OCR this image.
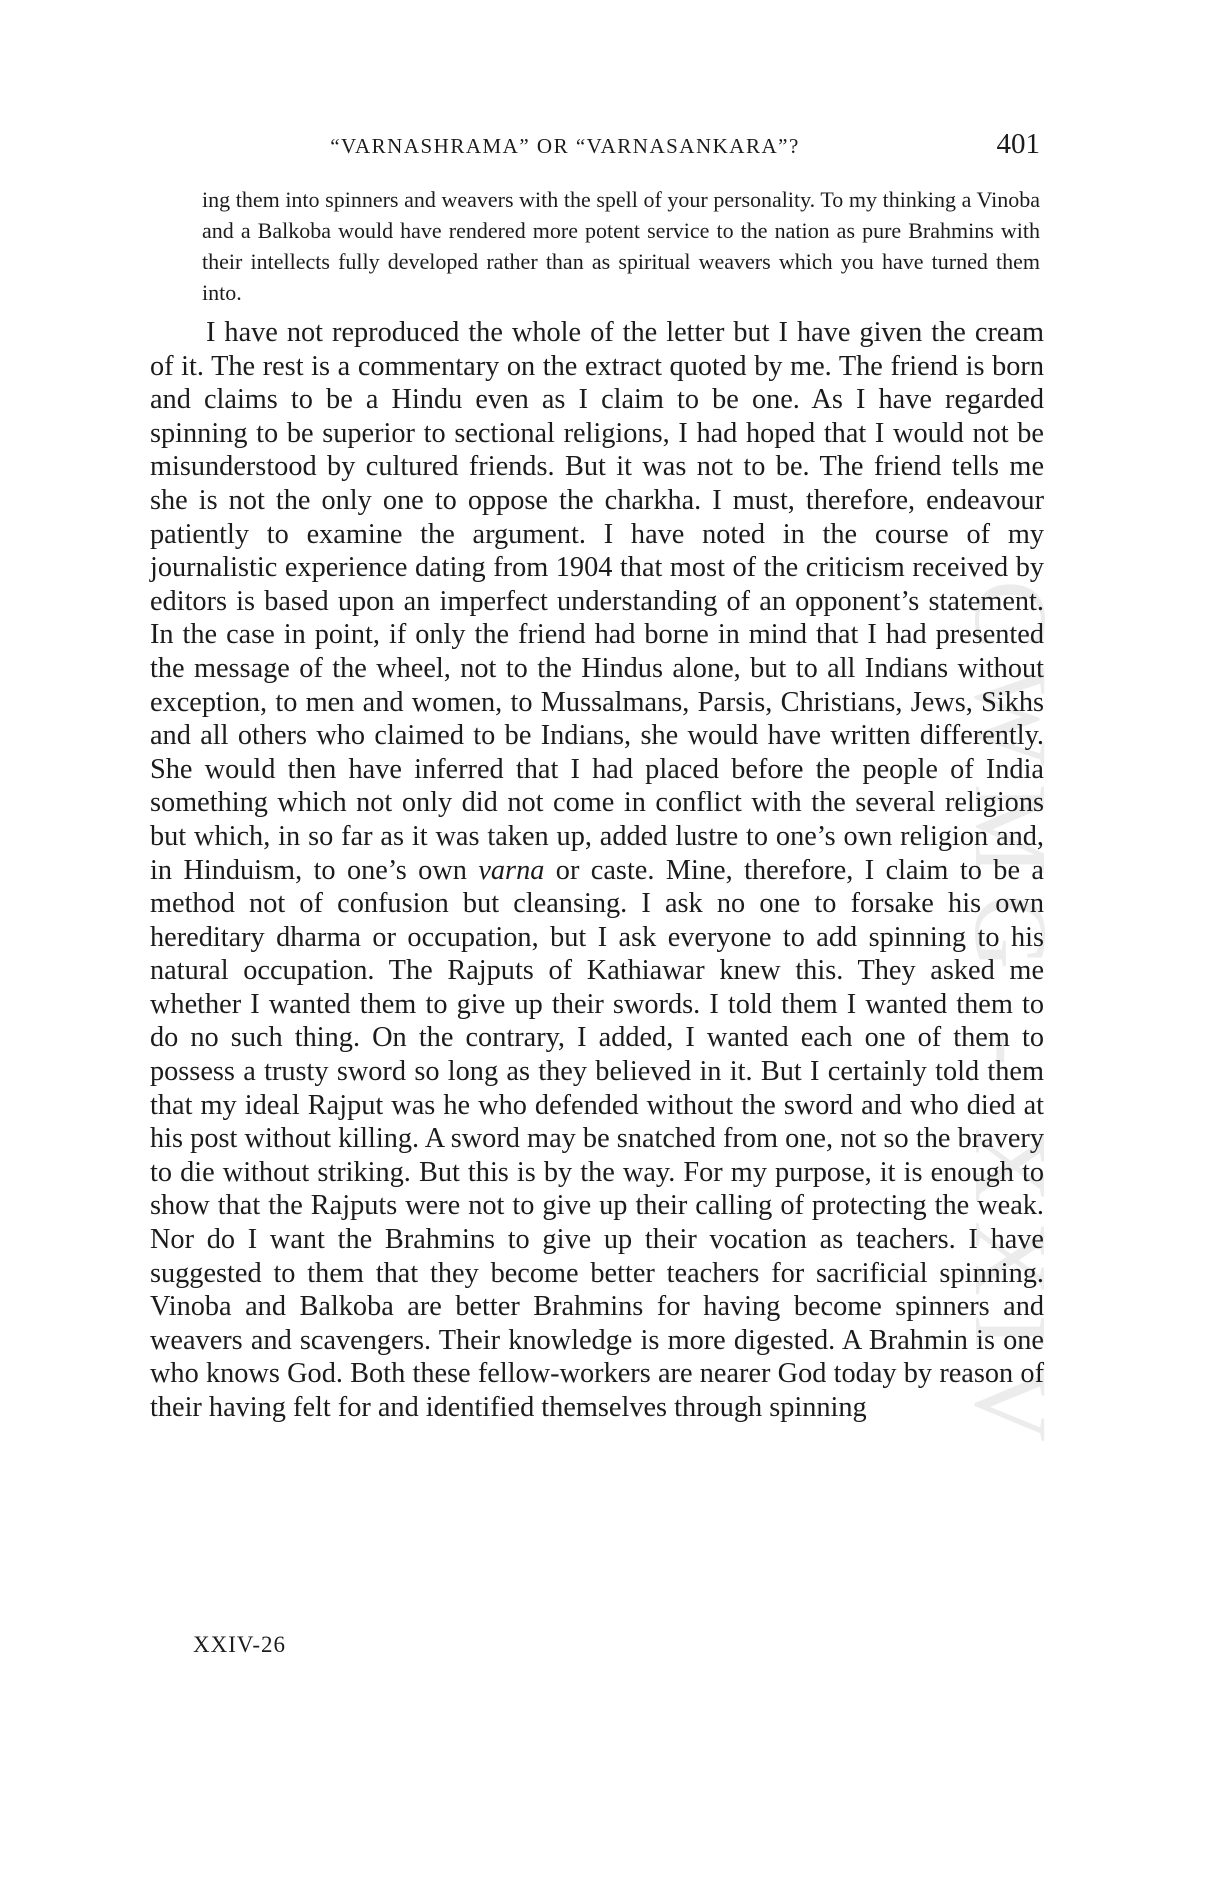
CWMG - XXIV
“VARNASHRAMA” OR “VARNASANKARA”?	401

ing them into spinners and weavers with the spell of your personality. To my thinking a Vinoba and a Balkoba would have rendered more potent service to the nation as pure Brahmins with their intellects fully developed rather than as spiritual weavers which you have turned them into.

I have not reproduced the whole of the letter but I have given the cream of it. The rest is a commentary on the extract quoted by me. The friend is born and claims to be a Hindu even as I claim to be one. As I have regarded spinning to be superior to sectional religions, I had hoped that I would not be misunderstood by cultured friends. But it was not to be. The friend tells me she is not the only one to oppose the charkha. I must, therefore, endeavour patiently to examine the argument. I have noted in the course of my journalistic experience dating from 1904 that most of the criticism received by editors is based upon an imperfect understanding of an opponent’s statement. In the case in point, if only the friend had borne in mind that I had presented the message of the wheel, not to the Hindus alone, but to all Indians without exception, to men and women, to Mussalmans, Parsis, Christians, Jews, Sikhs and all others who claimed to be Indians, she would have written differently. She would then have inferred that I had placed before the people of India something which not only did not come in conflict with the several religions but which, in so far as it was taken up, added lustre to one’s own religion and, in Hinduism, to one’s own varna or caste. Mine, therefore, I claim to be a method not of confusion but cleansing. I ask no one to forsake his own hereditary dharma or occupation, but I ask everyone to add spinning to his natural occupation. The Rajputs of Kathiawar knew this. They asked me whether I wanted them to give up their swords. I told them I wanted them to do no such thing. On the contrary, I added, I wanted each one of them to possess a trusty sword so long as they believed in it. But I certainly told them that my ideal Rajput was he who defended without the sword and who died at his post without killing. A sword may be snatched from one, not so the bravery to die without striking. But this is by the way. For my purpose, it is enough to show that the Rajputs were not to give up their calling of protecting the weak. Nor do I want the Brahmins to give up their vocation as teachers. I have suggested to them that they become better teachers for sacrificial spinning. Vinoba and Balkoba are better Brahmins for having become spinners and weavers and scavengers. Their knowledge is more digested. A Brahmin is one who knows God. Both these fellow-workers are nearer God today by reason of their having felt for and identified themselves through spinning

XXIV-26
